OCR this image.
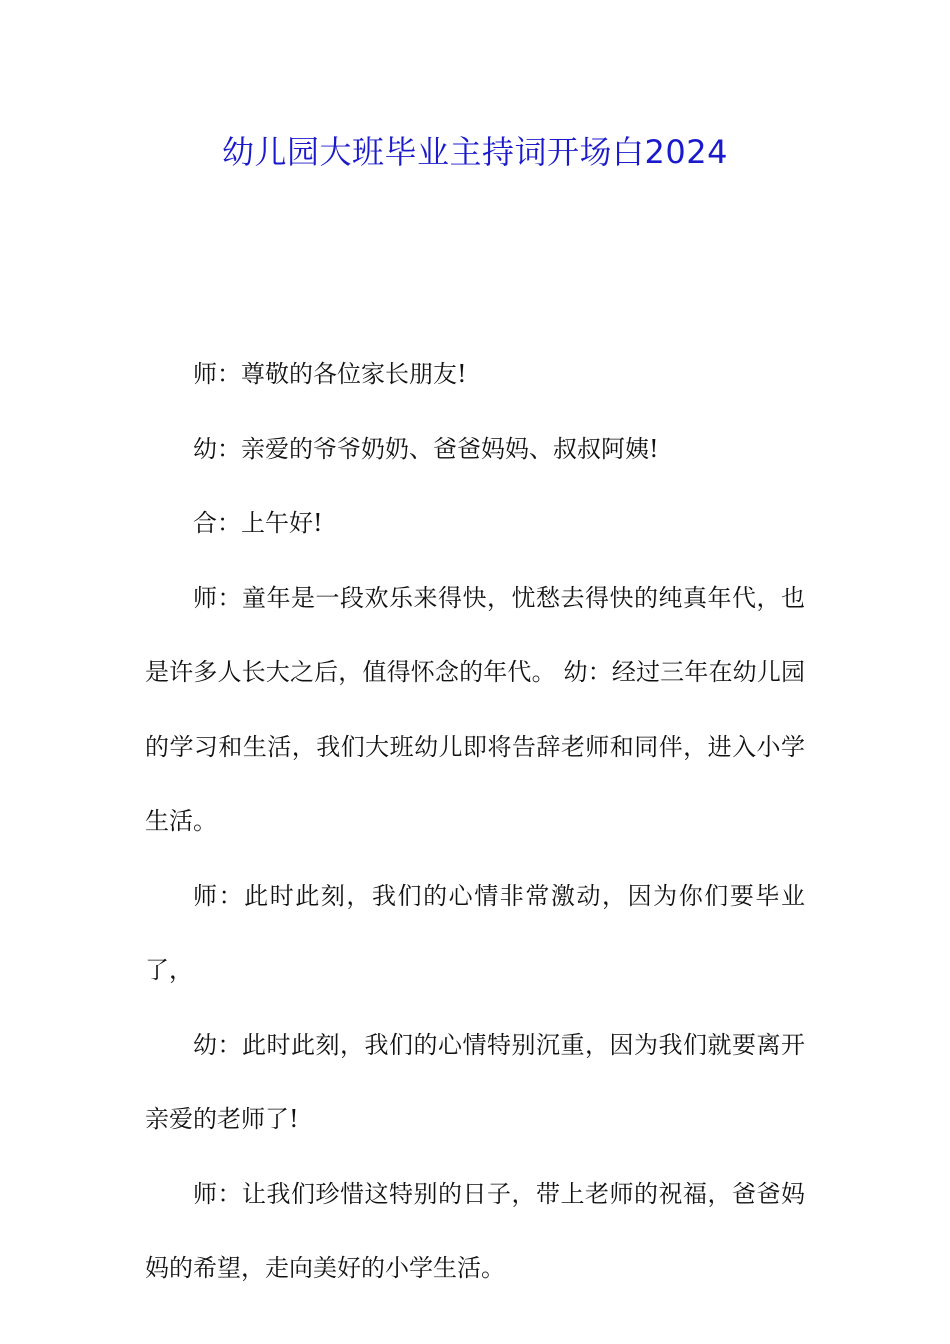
幼儿园大班毕业主持词开场白2024

师：尊敬的各位家长朋友!

幼：亲爱的爷爷奶奶、爸爸妈妈、叔叔阿姨!

合：上午好!

师：童年是一段欢乐来得快，忧愁去得快的纯真年代，也是许多人长大之后，值得怀念的年代。 幼：经过三年在幼儿园的学习和生活，我们大班幼儿即将告辞老师和同伴，进入小学生活。

师：此时此刻，我们的心情非常激动，因为你们要毕业了，

幼：此时此刻，我们的心情特别沉重，因为我们就要离开亲爱的老师了!

师：让我们珍惜这特别的日子，带上老师的祝福，爸爸妈妈的希望，走向美好的小学生活。
